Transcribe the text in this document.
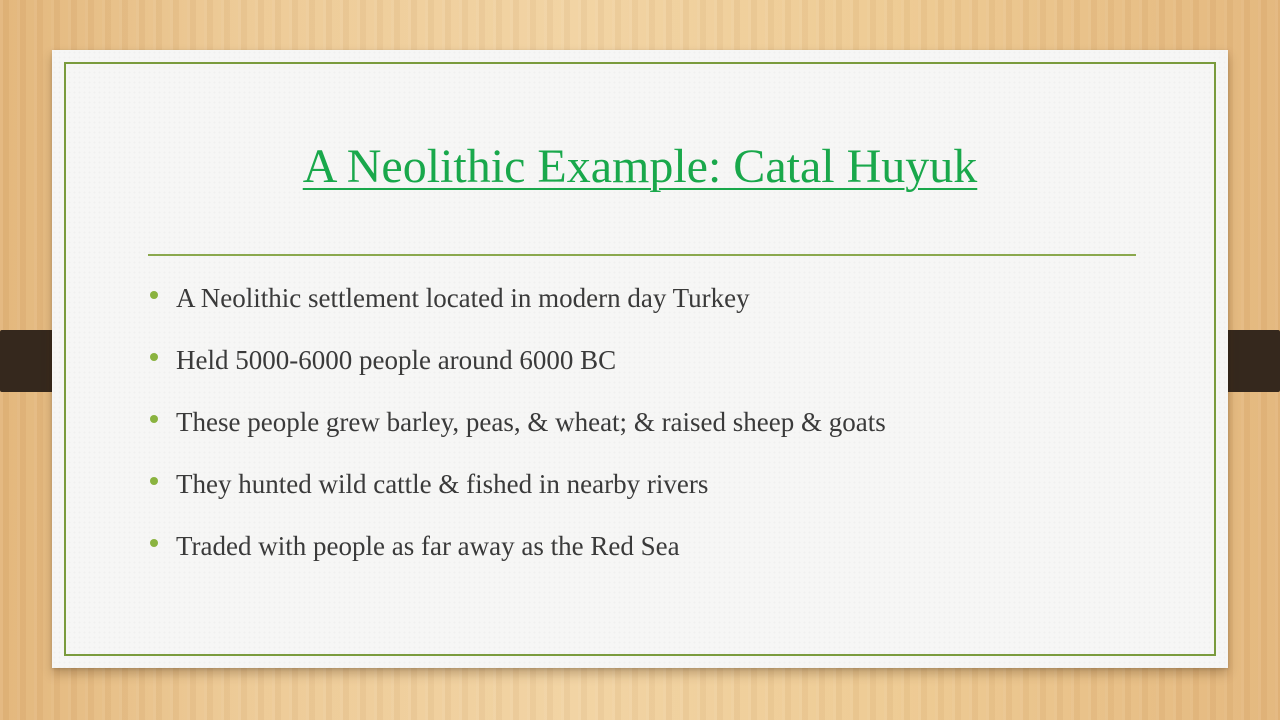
A Neolithic Example: Catal Huyuk
A Neolithic settlement located in modern day Turkey
Held 5000-6000 people around 6000 BC
These people grew barley, peas, & wheat; & raised sheep & goats
They hunted wild cattle & fished in nearby rivers
Traded with people as far away as the Red Sea
